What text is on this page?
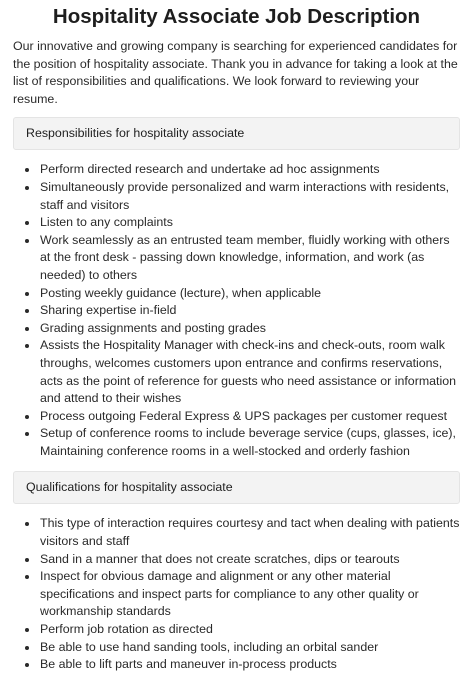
Hospitality Associate Job Description

Our innovative and growing company is searching for experienced candidates for the position of hospitality associate. Thank you in advance for taking a look at the list of responsibilities and qualifications. We look forward to reviewing your resume.

Responsibilities for hospitality associate
• Perform directed research and undertake ad hoc assignments
• Simultaneously provide personalized and warm interactions with residents, staff and visitors
• Listen to any complaints
• Work seamlessly as an entrusted team member, fluidly working with others at the front desk - passing down knowledge, information, and work (as needed) to others
• Posting weekly guidance (lecture), when applicable
• Sharing expertise in-field
• Grading assignments and posting grades
• Assists the Hospitality Manager with check-ins and check-outs, room walk throughs, welcomes customers upon entrance and confirms reservations, acts as the point of reference for guests who need assistance or information and attend to their wishes
• Process outgoing Federal Express & UPS packages per customer request
• Setup of conference rooms to include beverage service (cups, glasses, ice), Maintaining conference rooms in a well-stocked and orderly fashion
Qualifications for hospitality associate
• This type of interaction requires courtesy and tact when dealing with patients visitors and staff
• Sand in a manner that does not create scratches, dips or tearouts
• Inspect for obvious damage and alignment or any other material specifications and inspect parts for compliance to any other quality or workmanship standards
• Perform job rotation as directed
• Be able to use hand sanding tools, including an orbital sander
• Be able to lift parts and maneuver in-process products
